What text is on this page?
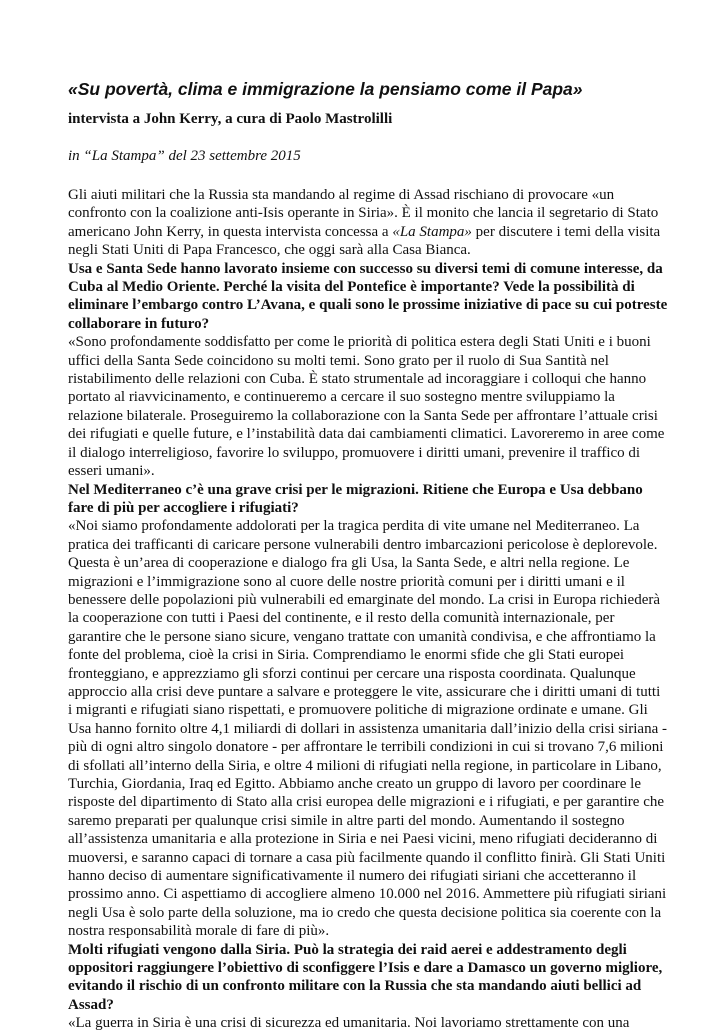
«Su povertà, clima e immigrazione la pensiamo come il Papa»
intervista a John Kerry, a cura di Paolo Mastrolilli
in “La Stampa” del 23 settembre 2015

Gli aiuti militari che la Russia sta mandando al regime di Assad rischiano di provocare «un confronto con la coalizione anti-Isis operante in Siria». È il monito che lancia il segretario di Stato americano John Kerry, in questa intervista concessa a «La Stampa» per discutere i temi della visita negli Stati Uniti di Papa Francesco, che oggi sarà alla Casa Bianca.

Usa e Santa Sede hanno lavorato insieme con successo su diversi temi di comune interesse, da Cuba al Medio Oriente. Perché la visita del Pontefice è importante? Vede la possibilità di eliminare l’embargo contro L’Avana, e quali sono le prossime iniziative di pace su cui potreste collaborare in futuro?

«Sono profondamente soddisfatto per come le priorità di politica estera degli Stati Uniti e i buoni uffici della Santa Sede coincidono su molti temi. Sono grato per il ruolo di Sua Santità nel ristabilimento delle relazioni con Cuba. È stato strumentale ad incoraggiare i colloqui che hanno portato al riavvicinamento, e continueremo a cercare il suo sostegno mentre sviluppiamo la relazione bilaterale. Proseguiremo la collaborazione con la Santa Sede per affrontare l’attuale crisi dei rifugiati e quelle future, e l’instabilità data dai cambiamenti climatici. Lavoreremo in aree come il dialogo interreligioso, favorire lo sviluppo, promuovere i diritti umani, prevenire il traffico di esseri umani».

Nel Mediterraneo c’è una grave crisi per le migrazioni. Ritiene che Europa e Usa debbano fare di più per accogliere i rifugiati?

«Noi siamo profondamente addolorati per la tragica perdita di vite umane nel Mediterraneo. La pratica dei trafficanti di caricare persone vulnerabili dentro imbarcazioni pericolose è deplorevole. Questa è un’area di cooperazione e dialogo fra gli Usa, la Santa Sede, e altri nella regione. Le migrazioni e l’immigrazione sono al cuore delle nostre priorità comuni per i diritti umani e il benessere delle popolazioni più vulnerabili ed emarginate del mondo. La crisi in Europa richiederà la cooperazione con tutti i Paesi del continente, e il resto della comunità internazionale, per garantire che le persone siano sicure, vengano trattate con umanità condivisa, e che affrontiamo la fonte del problema, cioè la crisi in Siria. Comprendiamo le enormi sfide che gli Stati europei fronteggiano, e apprezziamo gli sforzi continui per cercare una risposta coordinata. Qualunque approccio alla crisi deve puntare a salvare e proteggere le vite, assicurare che i diritti umani di tutti i migranti e rifugiati siano rispettati, e promuovere politiche di migrazione ordinate e umane. Gli Usa hanno fornito oltre 4,1 miliardi di dollari in assistenza umanitaria dall’inizio della crisi siriana - più di ogni altro singolo donatore - per affrontare le terribili condizioni in cui si trovano 7,6 milioni di sfollati all’interno della Siria, e oltre 4 milioni di rifugiati nella regione, in particolare in Libano, Turchia, Giordania, Iraq ed Egitto. Abbiamo anche creato un gruppo di lavoro per coordinare le risposte del dipartimento di Stato alla crisi europea delle migrazioni e i rifugiati, e per garantire che saremo preparati per qualunque crisi simile in altre parti del mondo. Aumentando il sostegno all’assistenza umanitaria e alla protezione in Siria e nei Paesi vicini, meno rifugiati decideranno di muoversi, e saranno capaci di tornare a casa più facilmente quando il conflitto finirà. Gli Stati Uniti hanno deciso di aumentare significativamente il numero dei rifugiati siriani che accetteranno il prossimo anno. Ci aspettiamo di accogliere almeno 10.000 nel 2016. Ammettere più rifugiati siriani negli Usa è solo parte della soluzione, ma io credo che questa decisione politica sia coerente con la nostra responsabilità morale di fare di più».

Molti rifugiati vengono dalla Siria. Può la strategia dei raid aerei e addestramento degli oppositori raggiungere l’obiettivo di sconfiggere l’Isis e dare a Damasco un governo migliore, evitando il rischio di un confronto militare con la Russia che sta mandando aiuti bellici ad Assad?

«La guerra in Siria è una crisi di sicurezza ed umanitaria. Noi lavoriamo strettamente con una
